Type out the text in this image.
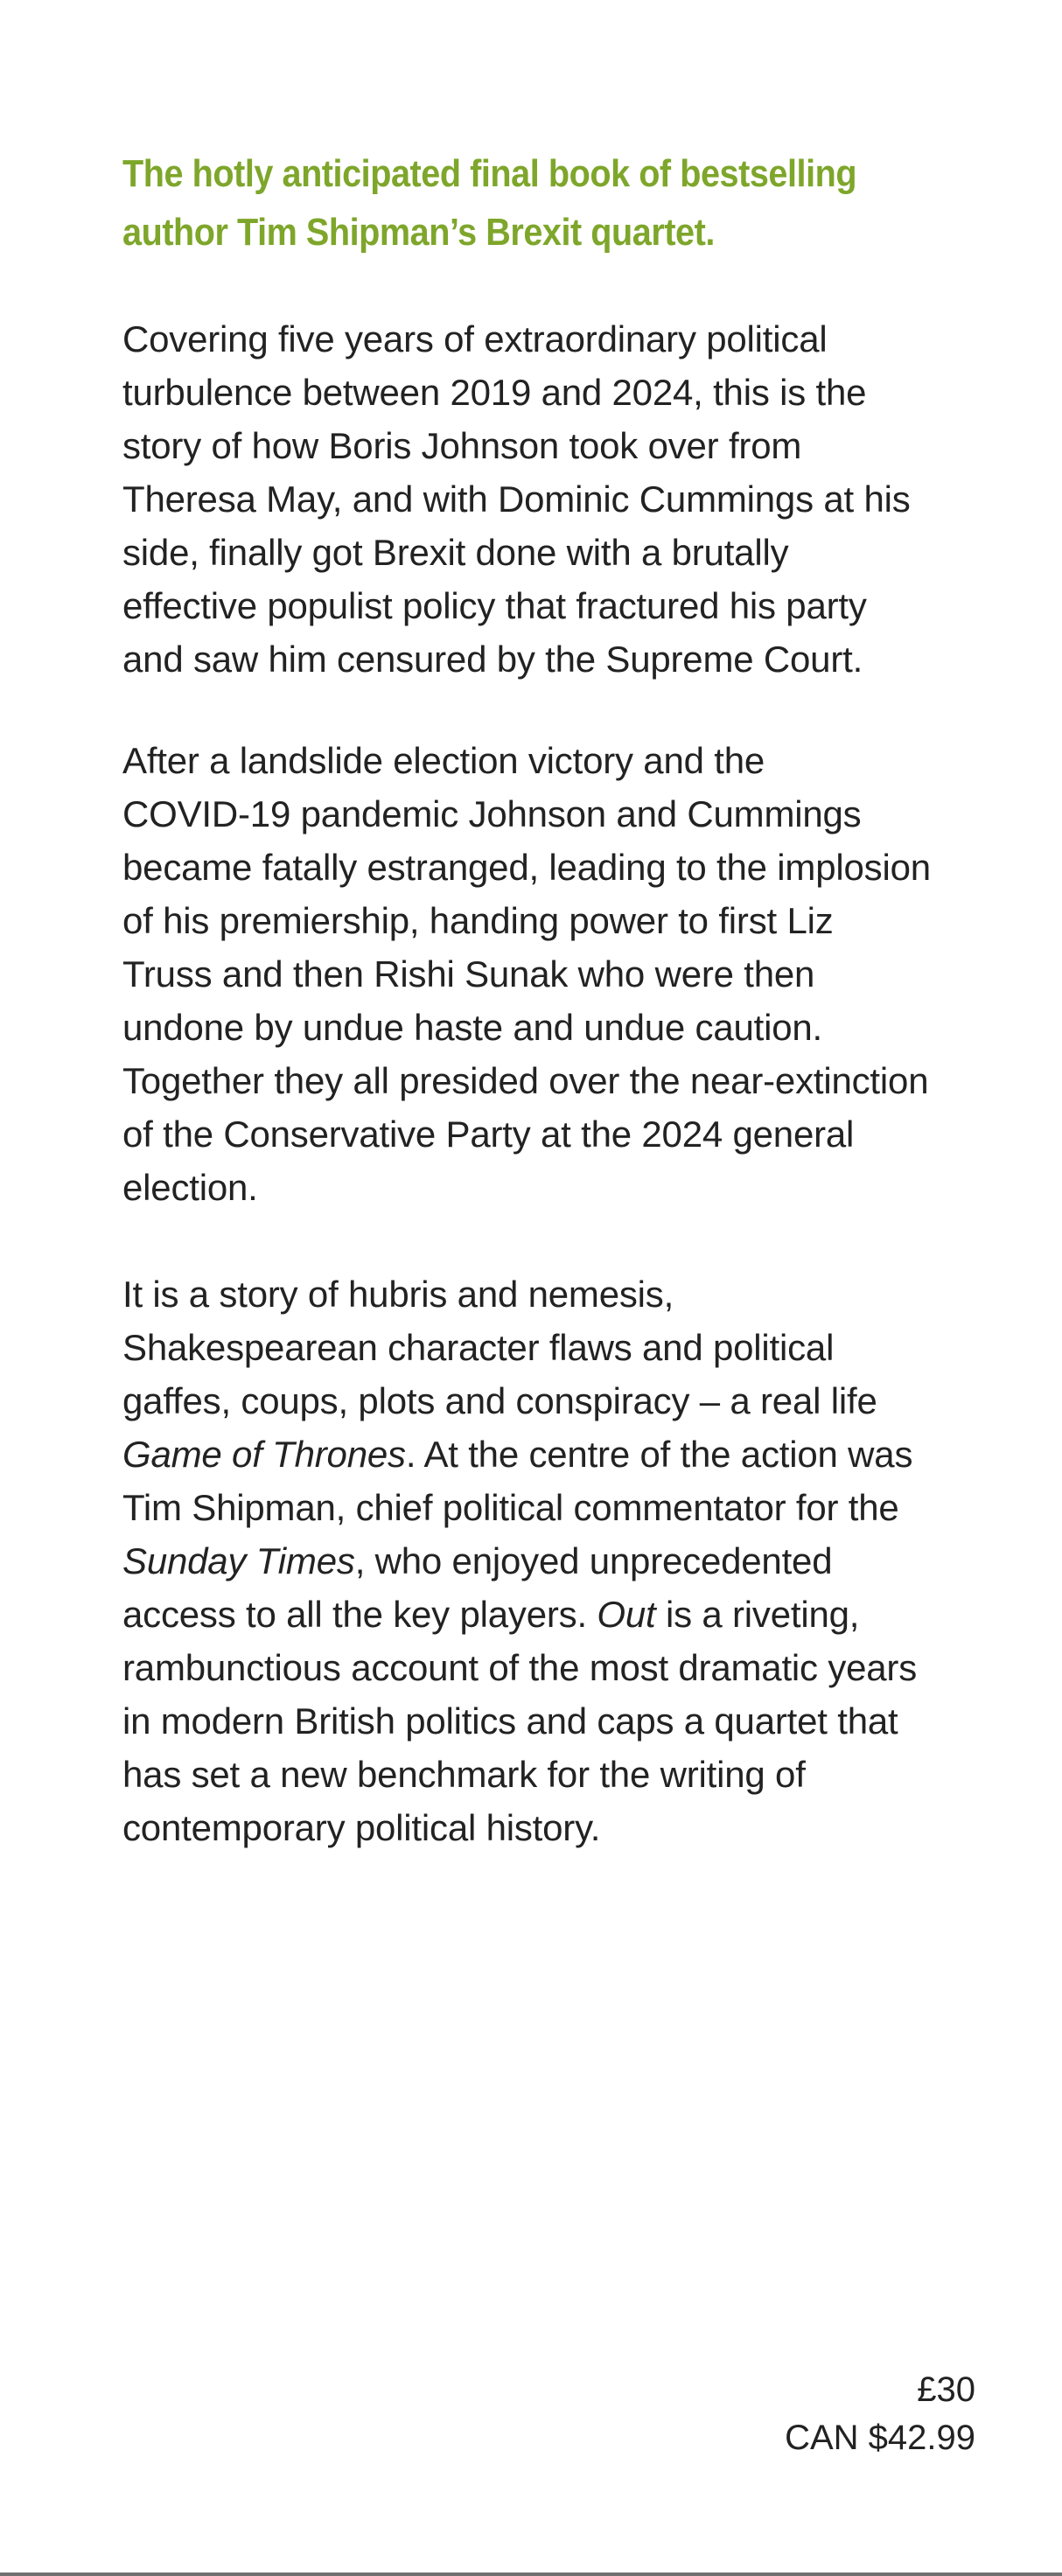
The hotly anticipated final book of bestselling
author Tim Shipman’s Brexit quartet.

Covering five years of extraordinary political
turbulence between 2019 and 2024, this is the
story of how Boris Johnson took over from
Theresa May, and with Dominic Cummings at his
side, finally got Brexit done with a brutally
effective populist policy that fractured his party
and saw him censured by the Supreme Court.

After a landslide election victory and the
COVID-19 pandemic Johnson and Cummings
became fatally estranged, leading to the implosion
of his premiership, handing power to first Liz
Truss and then Rishi Sunak who were then
undone by undue haste and undue caution.
Together they all presided over the near-extinction
of the Conservative Party at the 2024 general
election.

It is a story of hubris and nemesis,
Shakespearean character flaws and political
gaffes, coups, plots and conspiracy – a real life
Game of Thrones. At the centre of the action was
Tim Shipman, chief political commentator for the
Sunday Times, who enjoyed unprecedented
access to all the key players. Out is a riveting,
rambunctious account of the most dramatic years
in modern British politics and caps a quartet that
has set a new benchmark for the writing of
contemporary political history.

£30
CAN $42.99
